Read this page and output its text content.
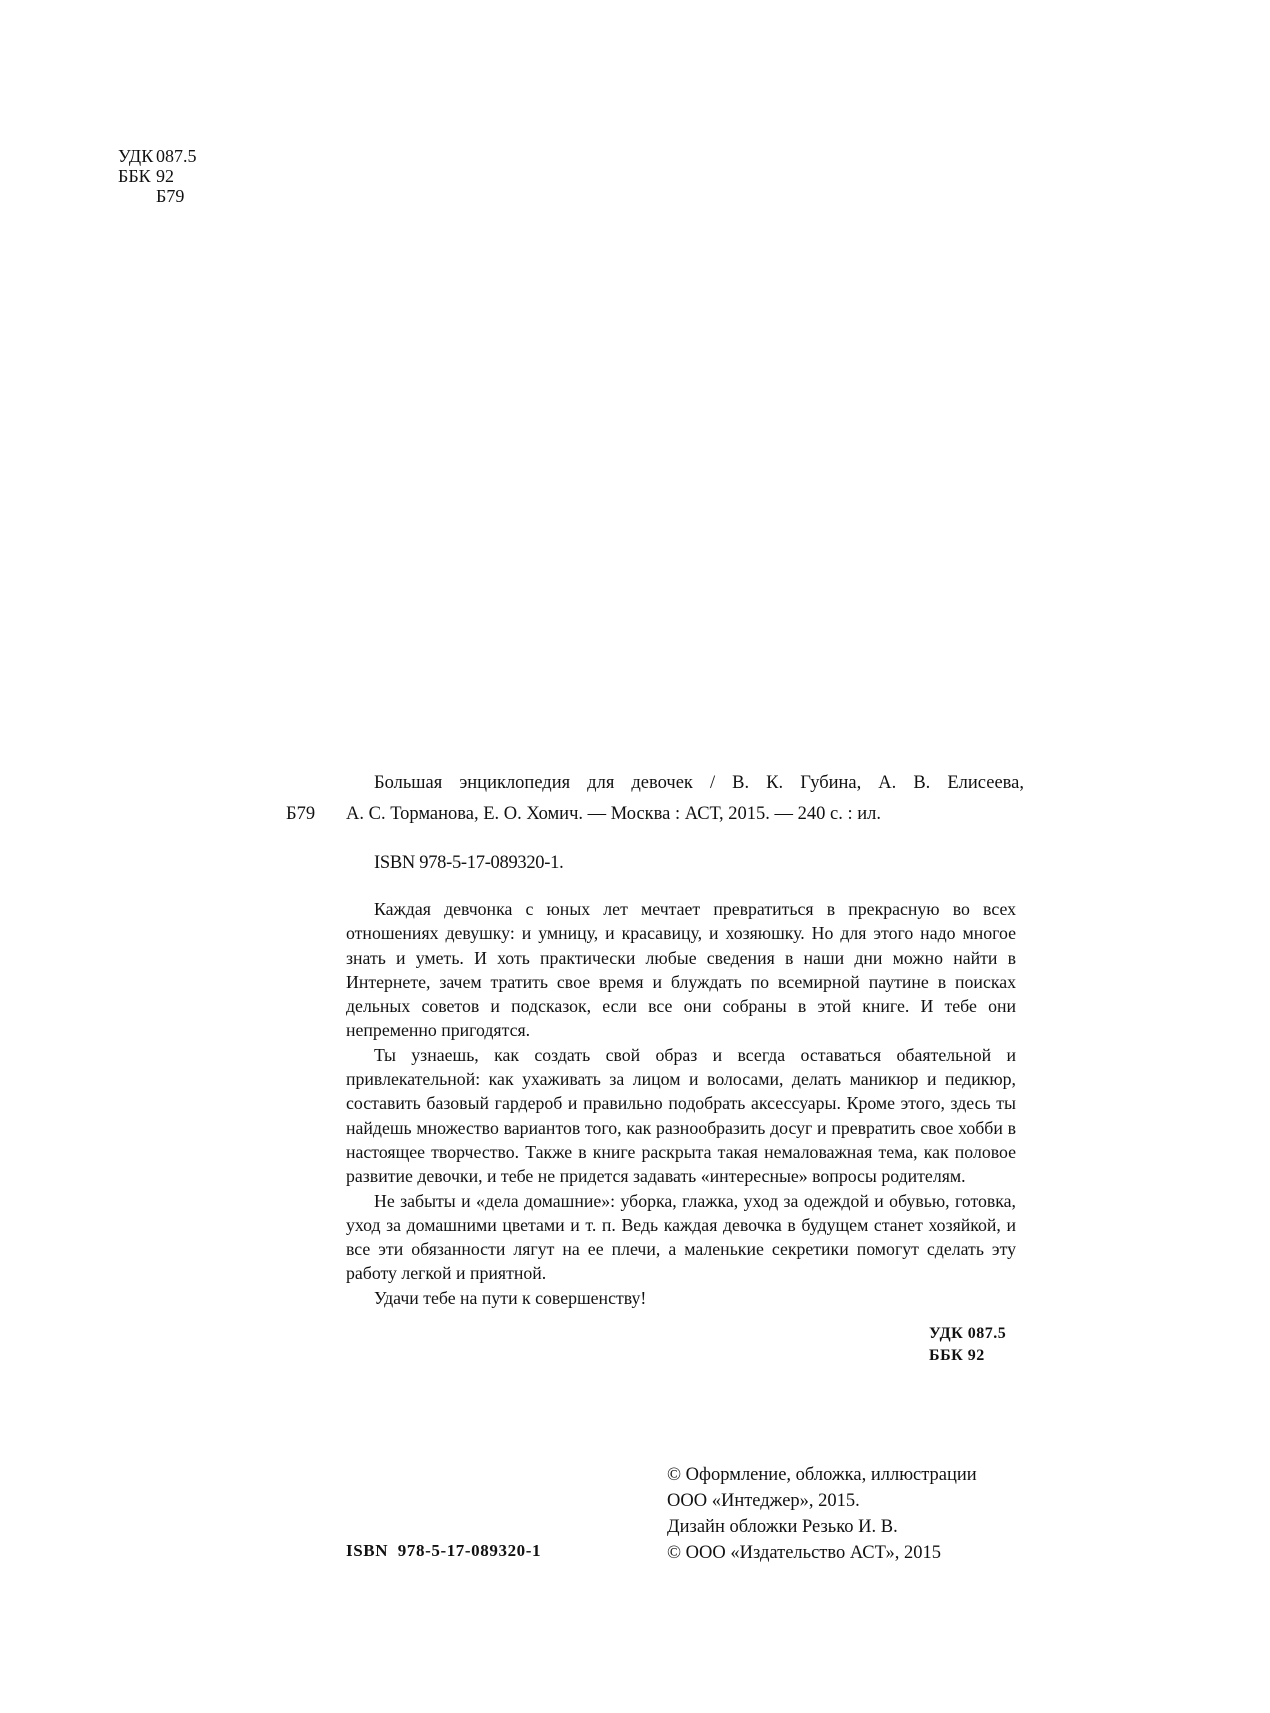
УДК 087.5
ББК 92
Б79
Большая энциклопедия для девочек / В. К. Губина, А. В. Елисеева,
Б79 А. С. Торманова, Е. О. Хомич. — Москва : АСТ, 2015. — 240 с. : ил.
ISBN 978-5-17-089320-1.

Каждая девчонка с юных лет мечтает превратиться в прекрасную во всех отношениях девушку: и умницу, и красавицу, и хозяюшку. Но для этого надо многое знать и уметь. И хоть практически любые сведения в наши дни можно найти в Интернете, зачем тратить свое время и блуждать по всемирной паутине в поисках дельных советов и подсказок, если все они собраны в этой книге. И тебе они непременно пригодятся.

Ты узнаешь, как создать свой образ и всегда оставаться обаятельной и привлекательной: как ухаживать за лицом и волосами, делать маникюр и педикюр, составить базовый гардероб и правильно подобрать аксессуары. Кроме этого, здесь ты найдешь множество вариантов того, как разнообразить досуг и превратить свое хобби в настоящее творчество. Также в книге раскрыта такая немаловажная тема, как половое развитие девочки, и тебе не придется задавать «интересные» вопросы родителям.

Не забыты и «дела домашние»: уборка, глажка, уход за одеждой и обувью, готовка, уход за домашними цветами и т. п. Ведь каждая девочка в будущем станет хозяйкой, и все эти обязанности лягут на ее плечи, а маленькие секретики помогут сделать эту работу легкой и приятной.

Удачи тебе на пути к совершенству!

УДК 087.5
ББК 92
© Оформление, обложка, иллюстрации
ООО «Интеджер», 2015.
Дизайн обложки Резько И. В.
© ООО «Издательство АСТ», 2015
ISBN  978-5-17-089320-1
